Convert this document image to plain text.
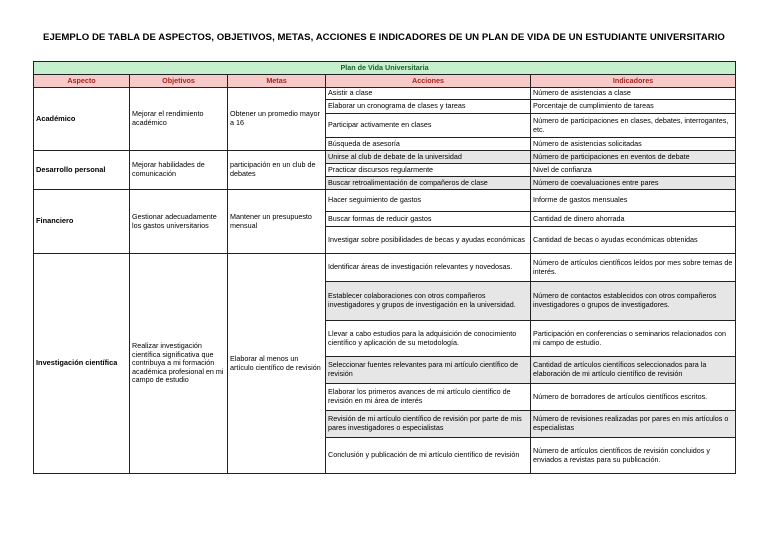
EJEMPLO DE TABLA DE ASPECTOS, OBJETIVOS, METAS, ACCIONES E INDICADORES DE UN PLAN DE VIDA DE UN ESTUDIANTE UNIVERSITARIO
Plan de Vida Universitaria				
Aspecto	Objetivos	Metas	Acciones	Indicadores
Académico	Mejorar el rendimiento académico	Obtener un promedio mayor a 16	Asistir a clase	Número de asistencias a clase
			Elaborar un cronograma de clases y tareas	Porcentaje de cumplimiento de tareas
			Participar activamente en clases	Número de participaciones en clases, debates, interrogantes, etc.
			Búsqueda de asesoría	Número de asistencias solicitadas
Desarrollo personal	Mejorar habilidades de comunicación	participación en un club de debates	Unirse al club de debate de la universidad	Número de participaciones en eventos de debate
			Practicar discursos regularmente	Nivel de confianza
			Buscar retroalimentación de compañeros de clase	Número de coevaluaciones entre pares
Financiero	Gestionar adecuadamente los gastos universitarios	Mantener un presupuesto mensual	Hacer seguimiento de gastos	Informe de gastos mensuales
			Buscar formas de reducir gastos	Cantidad de dinero ahorrada
			Investigar sobre posibilidades de becas y ayudas económicas	Cantidad de becas o ayudas económicas obtenidas
Investigación científica	Realizar investigación científica significativa que contribuya a mi formación académica profesional en mi campo de estudio	Elaborar al menos un artículo científico de revisión	Identificar áreas de investigación relevantes y novedosas.	Número de artículos científicos leídos por mes sobre temas de interés.
			Establecer colaboraciones con otros compañeros investigadores y grupos de investigación en la universidad.	Número de contactos establecidos con otros compañeros investigadores o grupos de investigadores.
			Llevar a cabo estudios para la adquisición de conocimiento científico y aplicación de su metodología.	Participación en conferencias o seminarios relacionados con mi campo de estudio.
			Seleccionar fuentes relevantes para mi artículo científico de revisión	Cantidad de artículos científicos seleccionados para la elaboración de mi artículo científico de revisión
			Elaborar los primeros avances de mi artículo científico de revisión en mi área de interés	Número de borradores de artículos científicos escritos.
			Revisión de mi artículo científico de revisión por parte de mis pares investigadores o especialistas	Número de revisiones realizadas por pares en mis artículos o especialistas
			Conclusión y publicación de mi artículo científico de revisión	Número de artículos científicos de revisión concluidos y enviados a revistas para su publicación.
